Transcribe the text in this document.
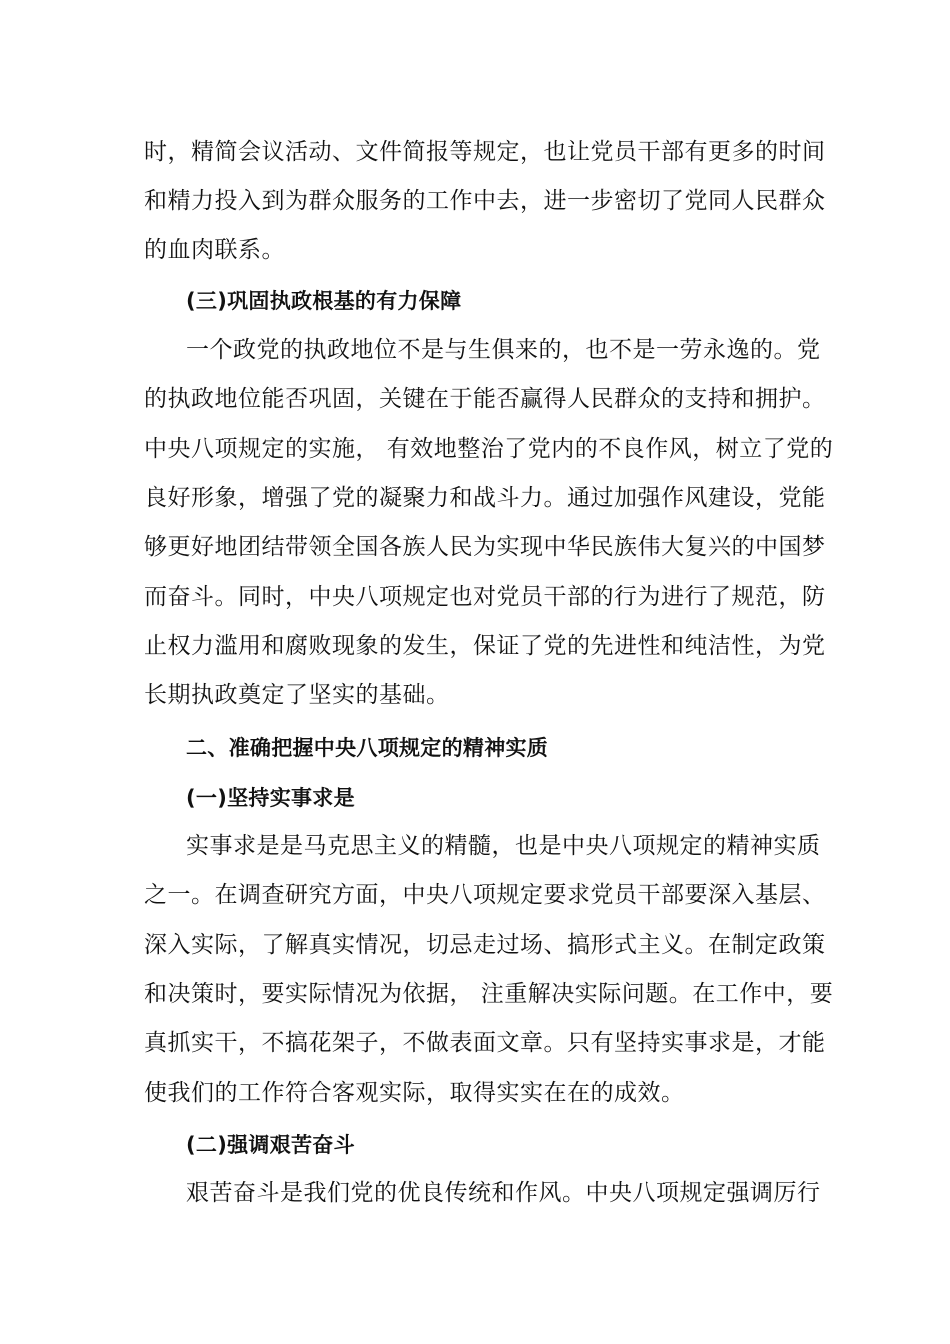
时，精简会议活动、文件简报等规定，也让党员干部有更多的时间
和精力投入到为群众服务的工作中去，进一步密切了党同人民群众
的血肉联系。
(三)巩固执政根基的有力保障
一个政党的执政地位不是与生俱来的，也不是一劳永逸的。党
的执政地位能否巩固，关键在于能否赢得人民群众的支持和拥护。
中央八项规定的实施， 有效地整治了党内的不良作风，树立了党的
良好形象，增强了党的凝聚力和战斗力。通过加强作风建设，党能
够更好地团结带领全国各族人民为实现中华民族伟大复兴的中国梦
而奋斗。同时，中央八项规定也对党员干部的行为进行了规范，防
止权力滥用和腐败现象的发生，保证了党的先进性和纯洁性，为党
长期执政奠定了坚实的基础。
二、准确把握中央八项规定的精神实质
(一)坚持实事求是
实事求是是马克思主义的精髓，也是中央八项规定的精神实质
之一。在调查研究方面，中央八项规定要求党员干部要深入基层、
深入实际，了解真实情况，切忌走过场、搞形式主义。在制定政策
和决策时，要实际情况为依据， 注重解决实际问题。在工作中，要
真抓实干，不搞花架子，不做表面文章。只有坚持实事求是，才能
使我们的工作符合客观实际，取得实实在在的成效。
(二)强调艰苦奋斗
艰苦奋斗是我们党的优良传统和作风。中央八项规定强调厉行
